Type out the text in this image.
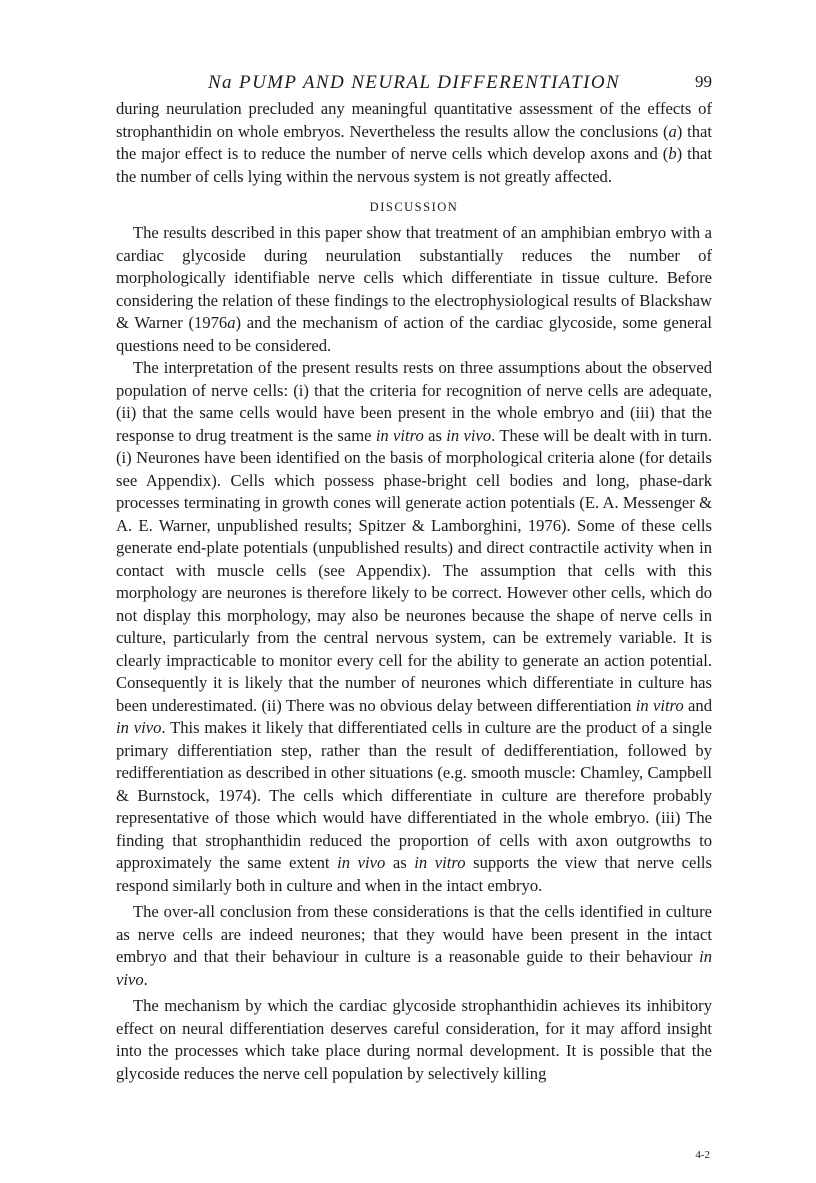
Na PUMP AND NEURAL DIFFERENTIATION	99

during neurulation precluded any meaningful quantitative assessment of the effects of strophanthidin on whole embryos. Nevertheless the results allow the conclusions (a) that the major effect is to reduce the number of nerve cells which develop axons and (b) that the number of cells lying within the nervous system is not greatly affected.

DISCUSSION

The results described in this paper show that treatment of an amphibian embryo with a cardiac glycoside during neurulation substantially reduces the number of morphologically identifiable nerve cells which differentiate in tissue culture. Before considering the relation of these findings to the electrophysiological results of Blackshaw & Warner (1976a) and the mechanism of action of the cardiac glycoside, some general questions need to be considered.

The interpretation of the present results rests on three assumptions about the observed population of nerve cells: (i) that the criteria for recognition of nerve cells are adequate, (ii) that the same cells would have been present in the whole embryo and (iii) that the response to drug treatment is the same in vitro as in vivo. These will be dealt with in turn. (i) Neurones have been identified on the basis of morphological criteria alone (for details see Appendix). Cells which possess phase-bright cell bodies and long, phase-dark processes terminating in growth cones will generate action potentials (E. A. Messenger & A. E. Warner, unpublished results; Spitzer & Lamborghini, 1976). Some of these cells generate end-plate potentials (unpublished results) and direct contractile activity when in contact with muscle cells (see Appendix). The assumption that cells with this morphology are neurones is therefore likely to be correct. However other cells, which do not display this morphology, may also be neurones because the shape of nerve cells in culture, particularly from the central nervous system, can be extremely variable. It is clearly impracticable to monitor every cell for the ability to generate an action potential. Consequently it is likely that the number of neurones which differentiate in culture has been underestimated. (ii) There was no obvious delay between differentiation in vitro and in vivo. This makes it likely that differentiated cells in culture are the product of a single primary differentiation step, rather than the result of dedifferentiation, followed by redifferentiation as described in other situations (e.g. smooth muscle: Chamley, Campbell & Burnstock, 1974). The cells which differentiate in culture are therefore probably representative of those which would have differentiated in the whole embryo. (iii) The finding that strophanthidin reduced the proportion of cells with axon outgrowths to approximately the same extent in vivo as in vitro supports the view that nerve cells respond similarly both in culture and when in the intact embryo.

The over-all conclusion from these considerations is that the cells identified in culture as nerve cells are indeed neurones; that they would have been present in the intact embryo and that their behaviour in culture is a reasonable guide to their behaviour in vivo.

The mechanism by which the cardiac glycoside strophanthidin achieves its inhibitory effect on neural differentiation deserves careful consideration, for it may afford insight into the processes which take place during normal development. It is possible that the glycoside reduces the nerve cell population by selectively killing

4-2
